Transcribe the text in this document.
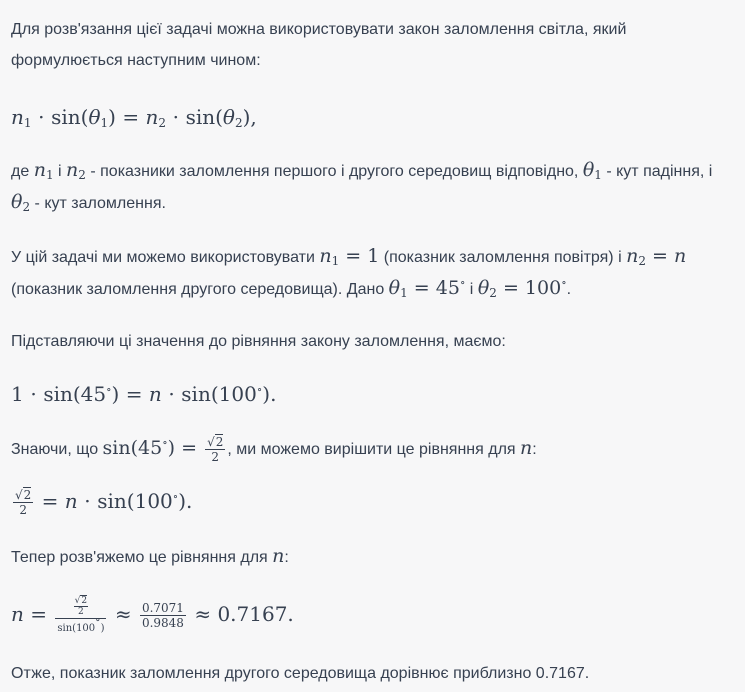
Для розв'язання цієї задачі можна використовувати закон заломлення світла, який формулюється наступним чином:
$n_1 \cdot \sin(\theta_1) = n_2 \cdot \sin(\theta_2)$,
де $n_1$ і $n_2$ - показники заломлення першого і другого середовищ відповідно, $\theta_1$ - кут падіння, і $\theta_2$ - кут заломлення.
У цій задачі ми можемо використовувати $n_1 = 1$ (показник заломлення повітря) і $n_2 = n$ (показник заломлення другого середовища). Дано $\theta_1 = 45^\circ$ і $\theta_2 = 100^\circ$.
Підставляючи ці значення до рівняння закону заломлення, маємо:
1 ⋅ sin(45∘) = n ⋅ sin(100∘).
Знаючи, що $\sin(45^\circ) = \frac{√2}{2}$ , ми можемо вирішити це рівняння для n:
$\frac{√2}{2} = n \cdot \sin(100^\circ)$.
Тепер розв'яжемо це рівняння для n:
$n = \frac{\frac{√2}{2}}{\sin(100^\circ)} \approx \frac{0.7071}{0.9848} \approx 0.7167$.
Отже, показник заломлення другого середовища дорівнює приблизно 0.7167.
